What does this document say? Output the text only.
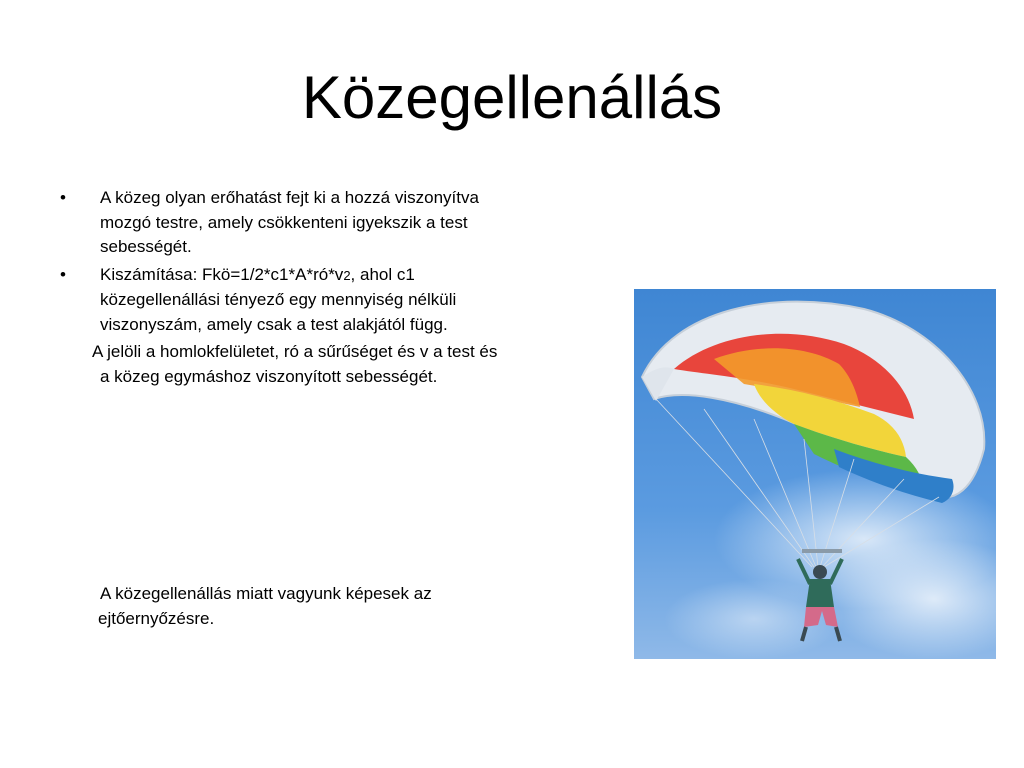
Közegellenállás

• A közeg olyan erőhatást fejt ki a hozzá viszonyítva mozgó testre, amely csökkenteni igyekszik a test sebességét.

• Kiszámítása: Fkö=1/2*c1*A*ró*v2, ahol c1 közegellenállási tényező egy mennyiség nélküli viszonyszám, amely csak a test alakjától függ.

A jelöli a homlokfelületet, ró a sűrűséget és v a test és a közeg egymáshoz viszonyított sebességét.

A közegellenállás miatt vagyunk képesek az ejtőernyőzésre.
